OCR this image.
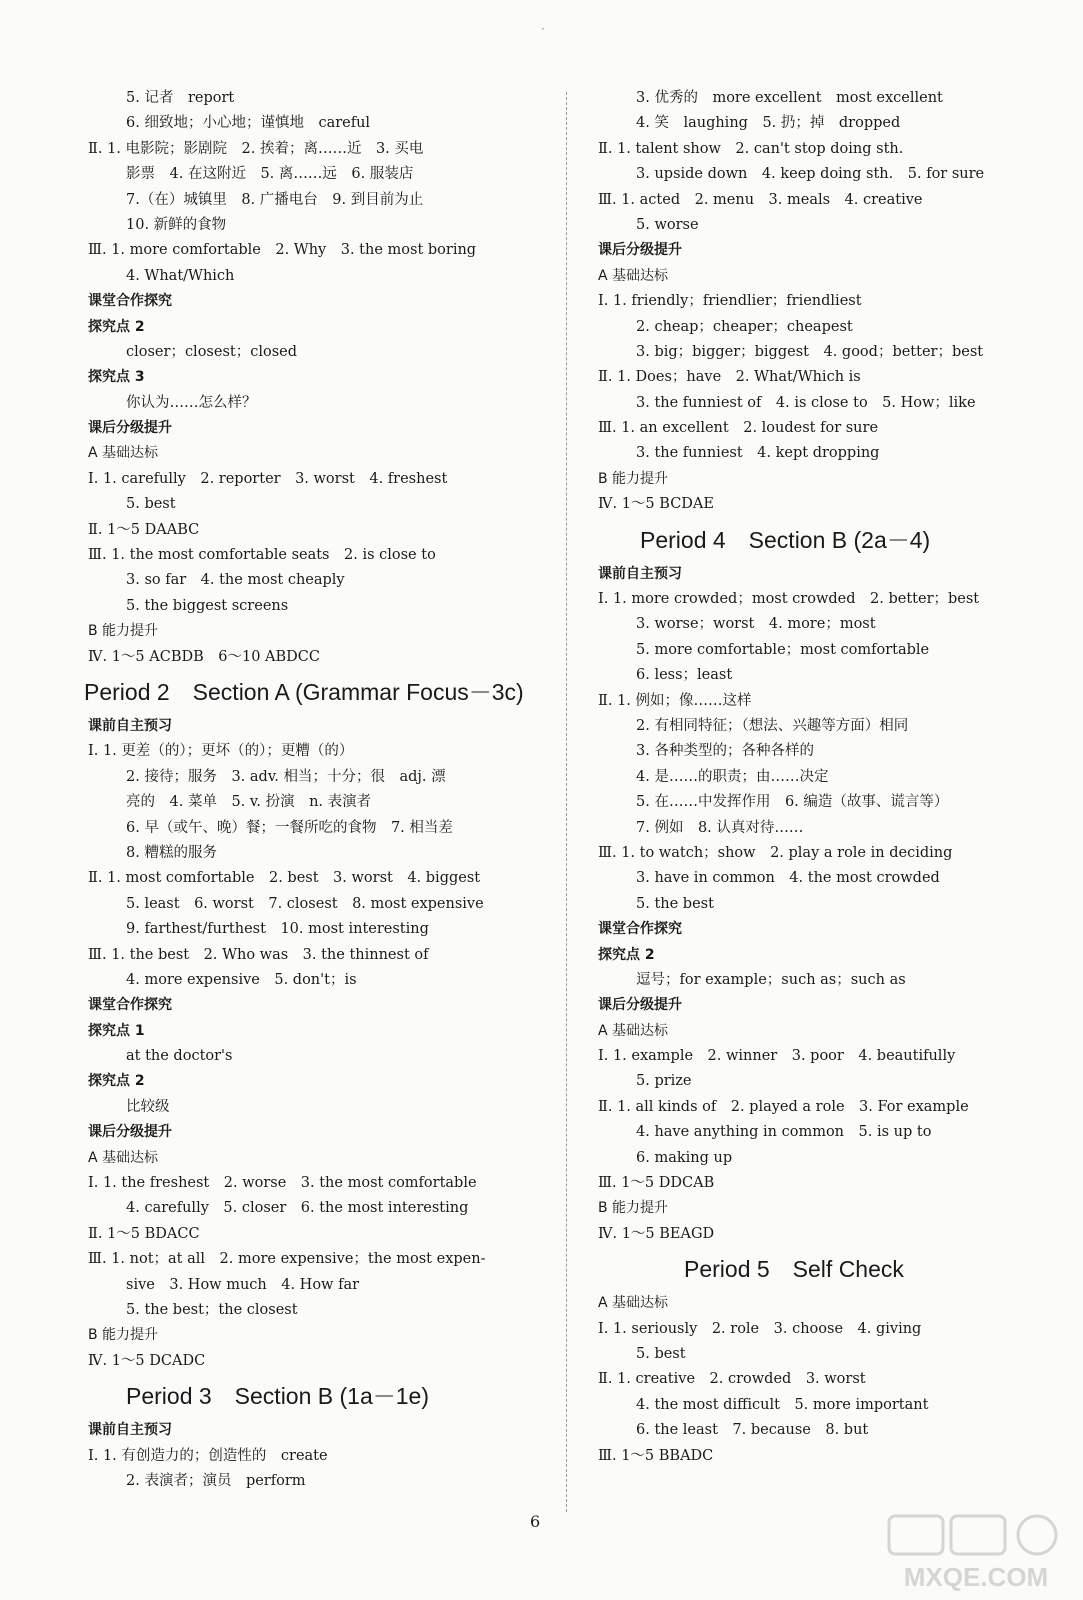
·
5. 记者　report
6. 细致地；小心地；谨慎地　careful
Ⅱ. 1. 电影院；影剧院　2. 挨着；离……近　3. 买电
影票　4. 在这附近　5. 离……远　6. 服装店
7.（在）城镇里　8. 广播电台　9. 到目前为止
10. 新鲜的食物
Ⅲ. 1. more comfortable　2. Why　3. the most boring
4. What/Which
课堂合作探究
探究点 2
closer；closest；closed
探究点 3
你认为……怎么样？
课后分级提升
A 基础达标
Ⅰ. 1. carefully　2. reporter　3. worst　4. freshest
5. best
Ⅱ. 1～5 DAABC
Ⅲ. 1. the most comfortable seats　2. is close to
3. so far　4. the most cheaply
5. the biggest screens
B 能力提升
Ⅳ. 1～5 ACBDB　6～10 ABDCC
Period 2　Section A (Grammar Focus－3c)
课前自主预习
Ⅰ. 1. 更差（的）；更坏（的）；更糟（的）
2. 接待；服务　3. adv. 相当；十分；很　adj. 漂
亮的　4. 菜单　5. v. 扮演　n. 表演者
6. 早（或午、晚）餐；一餐所吃的食物　7. 相当差
8. 糟糕的服务
Ⅱ. 1. most comfortable　2. best　3. worst　4. biggest
5. least　6. worst　7. closest　8. most expensive
9. farthest/furthest　10. most interesting
Ⅲ. 1. the best　2. Who was　3. the thinnest of
4. more expensive　5. don't；is
课堂合作探究
探究点 1
at the doctor's
探究点 2
比较级
课后分级提升
A 基础达标
Ⅰ. 1. the freshest　2. worse　3. the most comfortable
4. carefully　5. closer　6. the most interesting
Ⅱ. 1～5 BDACC
Ⅲ. 1. not；at all　2. more expensive；the most expen-
sive　3. How much　4. How far
5. the best；the closest
B 能力提升
Ⅳ. 1～5 DCADC
Period 3　Section B (1a－1e)
课前自主预习
Ⅰ. 1. 有创造力的；创造性的　create
2. 表演者；演员　perform
3. 优秀的　more excellent　most excellent
4. 笑　laughing　5. 扔；掉　dropped
Ⅱ. 1. talent show　2. can't stop doing sth.
3. upside down　4. keep doing sth.　5. for sure
Ⅲ. 1. acted　2. menu　3. meals　4. creative
5. worse
课后分级提升
A 基础达标
Ⅰ. 1. friendly；friendlier；friendliest
2. cheap；cheaper；cheapest
3. big；bigger；biggest　4. good；better；best
Ⅱ. 1. Does；have　2. What/Which is
3. the funniest of　4. is close to　5. How；like
Ⅲ. 1. an excellent　2. loudest for sure
3. the funniest　4. kept dropping
B 能力提升
Ⅳ. 1～5 BCDAE
Period 4　Section B (2a－4)
课前自主预习
Ⅰ. 1. more crowded；most crowded　2. better；best
3. worse；worst　4. more；most
5. more comfortable；most comfortable
6. less；least
Ⅱ. 1. 例如；像……这样
2. 有相同特征；（想法、兴趣等方面）相同
3. 各种类型的；各种各样的
4. 是……的职责；由……决定
5. 在……中发挥作用　6. 编造（故事、谎言等）
7. 例如　8. 认真对待……
Ⅲ. 1. to watch；show　2. play a role in deciding
3. have in common　4. the most crowded
5. the best
课堂合作探究
探究点 2
逗号；for example；such as；such as
课后分级提升
A 基础达标
Ⅰ. 1. example　2. winner　3. poor　4. beautifully
5. prize
Ⅱ. 1. all kinds of　2. played a role　3. For example
4. have anything in common　5. is up to
6. making up
Ⅲ. 1～5 DDCAB
B 能力提升
Ⅳ. 1～5 BEAGD
Period 5　Self Check
A 基础达标
Ⅰ. 1. seriously　2. role　3. choose　4. giving
5. best
Ⅱ. 1. creative　2. crowded　3. worst
4. the most difficult　5. more important
6. the least　7. because　8. but
Ⅲ. 1～5 BBADC
6
MXQE.COM
